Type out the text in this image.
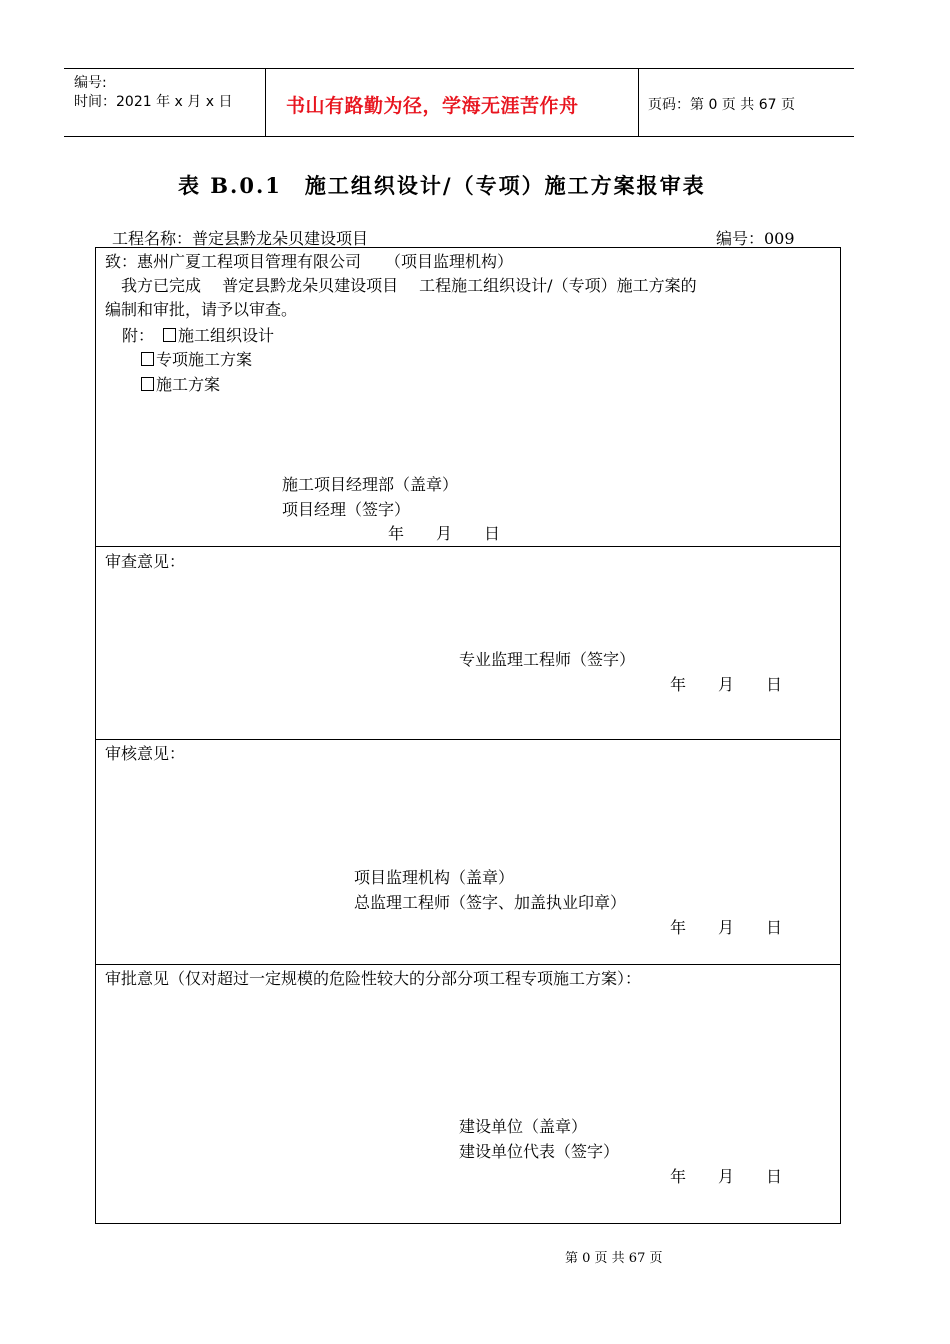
编号:
时间：2021 年 x 月 x 日	书山有路勤为径，学海无涯苦作舟	页码：第 0 页 共 67 页
表 B.0.1　施工组织设计/（专项）施工方案报审表
工程名称：普定县黔龙朵贝建设项目	编号：009
致：惠州广夏工程项目管理有限公司　　（项目监理机构）
　我方已完成　 普定县黔龙朵贝建设项目　 工程施工组织设计/（专项）施工方案的
编制和审批，请予以审查。
附：	施工组织设计
专项施工方案
施工方案
施工项目经理部（盖章）
项目经理（签字）
年　　月　　日
审查意见：
专业监理工程师（签字）
年　　月　　日
审核意见：
项目监理机构（盖章）
总监理工程师（签字、加盖执业印章）
年　　月　　日
审批意见（仅对超过一定规模的危险性较大的分部分项工程专项施工方案）：
建设单位（盖章）
建设单位代表（签字）
年　　月　　日
第 0 页 共 67 页
